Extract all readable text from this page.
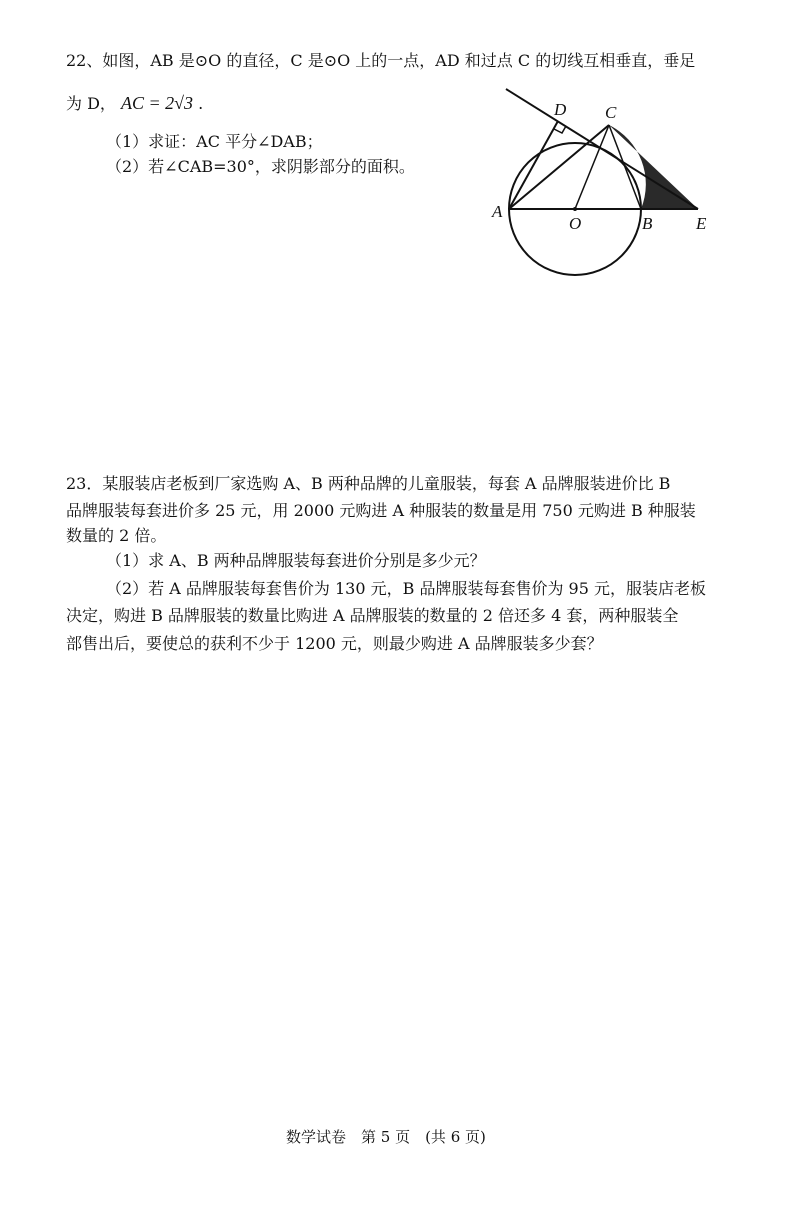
22、如图，AB 是⊙O 的直径，C 是⊙O 上的一点，AD 和过点 C 的切线互相垂直，垂足
为 D， AC = 2√3 .
（1）求证：AC 平分∠DAB；
（2）若∠CAB=30°，求阴影部分的面积。
A
O	B	E
C
D
23．某服装店老板到厂家选购 A、B 两种品牌的儿童服装，每套 A 品牌服装进价比 B
品牌服装每套进价多 25 元，用 2000 元购进 A 种服装的数量是用 750 元购进 B 种服装
数量的 2 倍。
（1）求 A、B 两种品牌服装每套进价分别是多少元？
（2）若 A 品牌服装每套售价为 130 元，B 品牌服装每套售价为 95 元，服装店老板
决定，购进 B 品牌服装的数量比购进 A 品牌服装的数量的 2 倍还多 4 套，两种服装全
部售出后，要使总的获利不少于 1200 元，则最少购进 A 品牌服装多少套？
数学试卷　第 5 页　(共 6 页)
